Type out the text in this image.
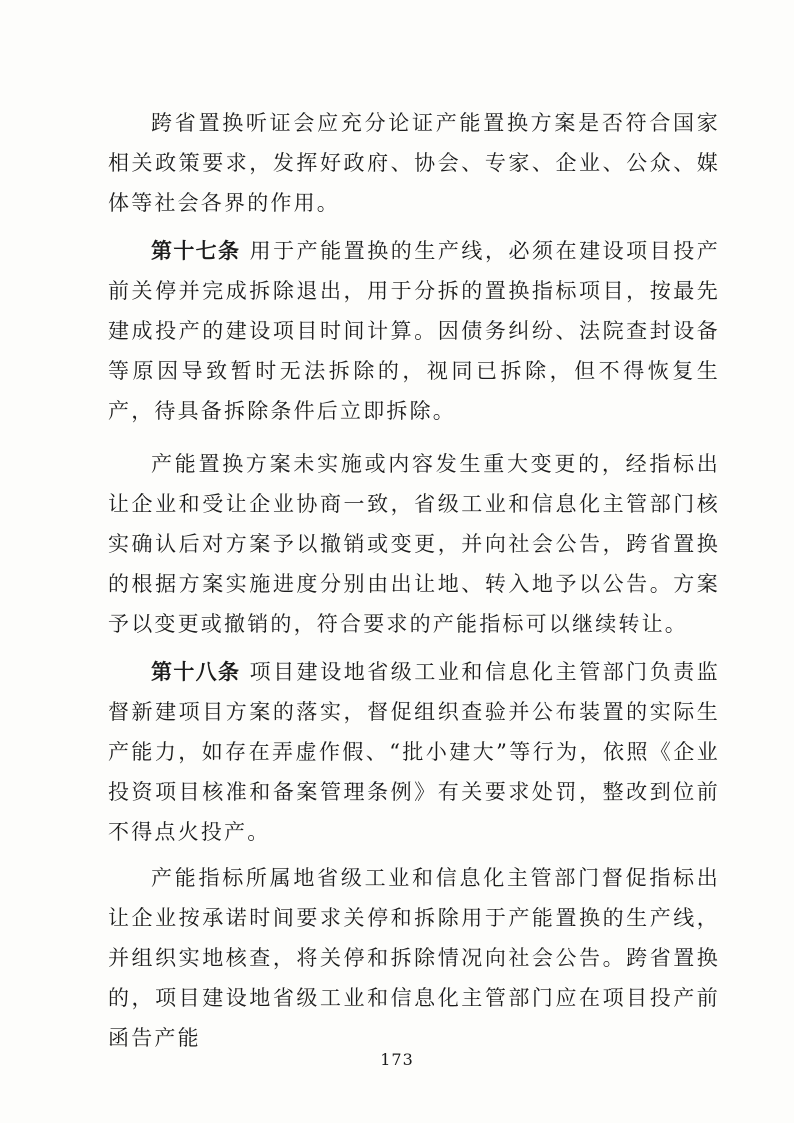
跨省置换听证会应充分论证产能置换方案是否符合国家相关政策要求，发挥好政府、协会、专家、企业、公众、媒体等社会各界的作用。

第十七条 用于产能置换的生产线，必须在建设项目投产前关停并完成拆除退出，用于分拆的置换指标项目，按最先建成投产的建设项目时间计算。因债务纠纷、法院查封设备等原因导致暂时无法拆除的，视同已拆除，但不得恢复生产，待具备拆除条件后立即拆除。

产能置换方案未实施或内容发生重大变更的，经指标出让企业和受让企业协商一致，省级工业和信息化主管部门核实确认后对方案予以撤销或变更，并向社会公告，跨省置换的根据方案实施进度分别由出让地、转入地予以公告。方案予以变更或撤销的，符合要求的产能指标可以继续转让。

第十八条 项目建设地省级工业和信息化主管部门负责监督新建项目方案的落实，督促组织查验并公布装置的实际生产能力，如存在弄虚作假、“批小建大”等行为，依照《企业投资项目核准和备案管理条例》有关要求处罚，整改到位前不得点火投产。

产能指标所属地省级工业和信息化主管部门督促指标出让企业按承诺时间要求关停和拆除用于产能置换的生产线，并组织实地核查，将关停和拆除情况向社会公告。跨省置换的，项目建设地省级工业和信息化主管部门应在项目投产前函告产能

173
